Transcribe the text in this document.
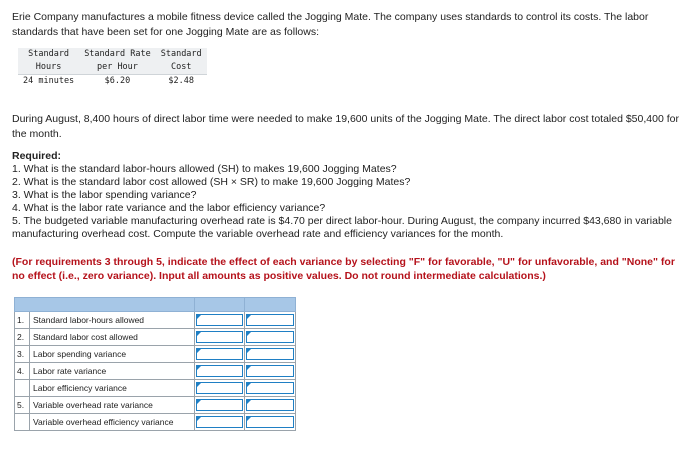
Erie Company manufactures a mobile fitness device called the Jogging Mate. The company uses standards to control its costs. The labor standards that have been set for one Jogging Mate are as follows:

Standard	Standard Rate	Standard
Hours	per Hour	Cost
24 minutes	$6.20	$2.48

During August, 8,400 hours of direct labor time were needed to make 19,600 units of the Jogging Mate. The direct labor cost totaled $50,400 for the month.

Required:

1. What is the standard labor-hours allowed (SH) to makes 19,600 Jogging Mates?
2. What is the standard labor cost allowed (SH × SR) to make 19,600 Jogging Mates?
3. What is the labor spending variance?
4. What is the labor rate variance and the labor efficiency variance?
5. The budgeted variable manufacturing overhead rate is $4.70 per direct labor-hour. During August, the company incurred $43,680 in variable manufacturing overhead cost. Compute the variable overhead rate and efficiency variances for the month.

(For requirements 3 through 5, indicate the effect of each variance by selecting "F" for favorable, "U" for unfavorable, and "None" for no effect (i.e., zero variance). Input all amounts as positive values. Do not round intermediate calculations.)

1.	Standard labor-hours allowed	

2.	Standard labor cost allowed	

3.	Labor spending variance	

4.	Labor rate variance	

	Labor efficiency variance	

5.	Variable overhead rate variance	

	Variable overhead efficiency variance	
